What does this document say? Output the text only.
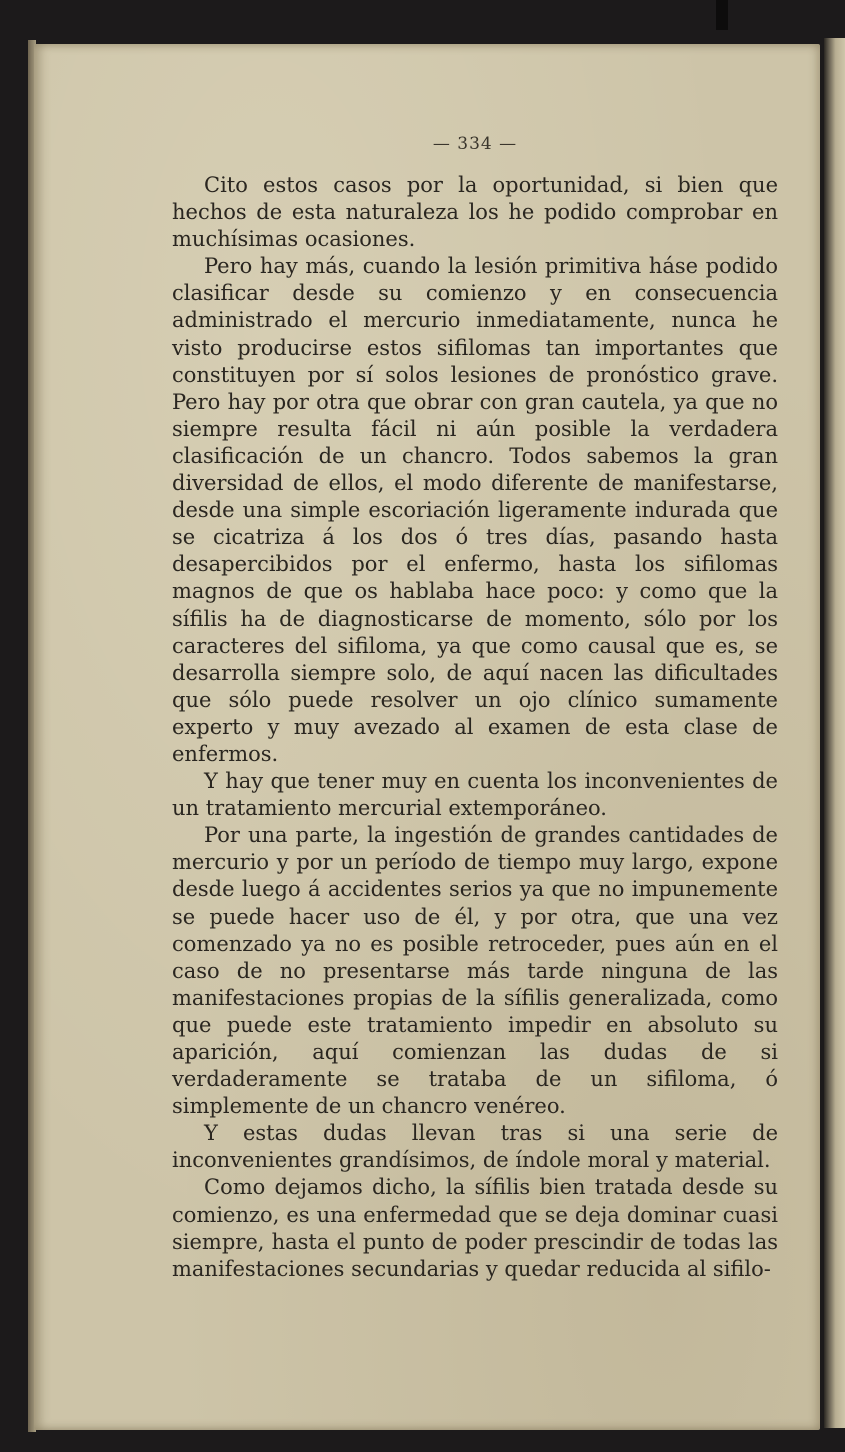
— 334 —

Cito estos casos por la oportunidad, si bien que hechos de esta naturaleza los he podido comprobar en muchísimas ocasiones.

Pero hay más, cuando la lesión primitiva háse podido clasificar desde su comienzo y en consecuencia administrado el mercurio inmediatamente, nunca he visto producirse estos sifilomas tan importantes que constituyen por sí solos lesiones de pronóstico grave. Pero hay por otra que obrar con gran cautela, ya que no siempre resulta fácil ni aún posible la verdadera clasificación de un chancro. Todos sabemos la gran diversidad de ellos, el modo diferente de manifestarse, desde una simple escoriación ligeramente indurada que se cicatriza á los dos ó tres días, pasando hasta desapercibidos por el enfermo, hasta los sifilomas magnos de que os hablaba hace poco: y como que la sífilis ha de diagnosticarse de momento, sólo por los caracteres del sifiloma, ya que como causal que es, se desarrolla siempre solo, de aquí nacen las dificultades que sólo puede resolver un ojo clínico sumamente experto y muy avezado al examen de esta clase de enfermos.

Y hay que tener muy en cuenta los inconvenientes de un tratamiento mercurial extemporáneo.

Por una parte, la ingestión de grandes cantidades de mercurio y por un período de tiempo muy largo, expone desde luego á accidentes serios ya que no impunemente se puede hacer uso de él, y por otra, que una vez comenzado ya no es posible retroceder, pues aún en el caso de no presentarse más tarde ninguna de las manifestaciones propias de la sífilis generalizada, como que puede este tratamiento impedir en absoluto su aparición, aquí comienzan las dudas de si verdaderamente se trataba de un sifiloma, ó simplemente de un chancro venéreo.

Y estas dudas llevan tras si una serie de inconvenientes grandísimos, de índole moral y material.

Como dejamos dicho, la sífilis bien tratada desde su comienzo, es una enfermedad que se deja dominar cuasi siempre, hasta el punto de poder prescindir de todas las manifestaciones secundarias y quedar reducida al sifilo-
